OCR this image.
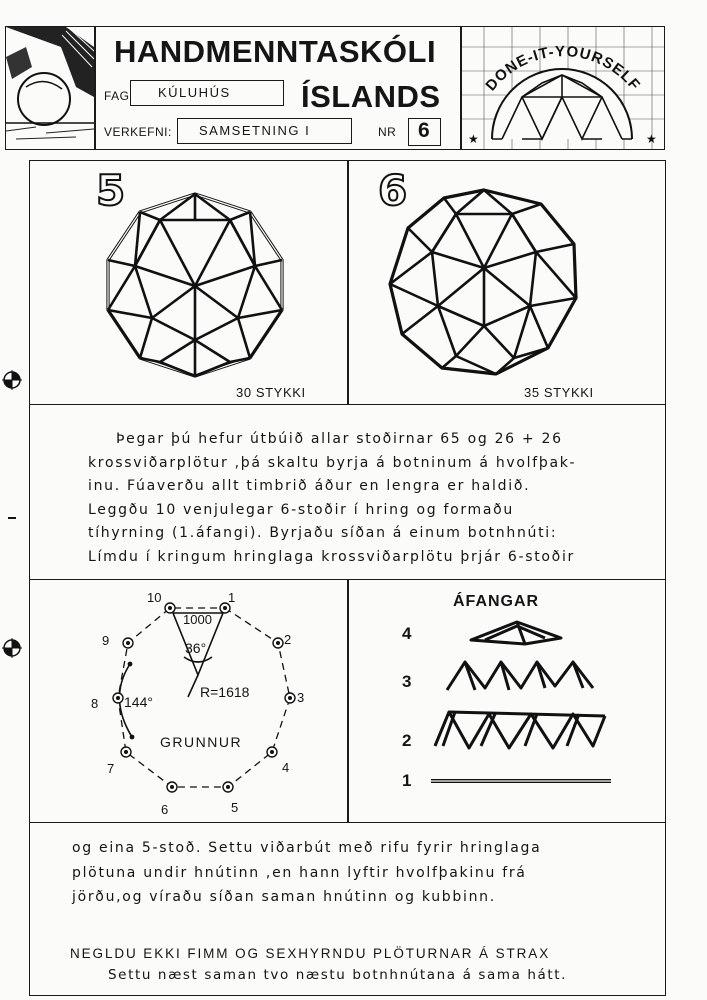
HANDMENNTASKÓLI
ÍSLANDS
FAG KÚLUHÚS
VERKEFNI: SAMSETNING I	NR 6
DONE-IT-YOURSELF
★	★
5	6
30 STYKKI	35 STYKKI
Þegar þú hefur útbúið allar stoðirnar 65 og 26 + 26
krossviðarplötur ,þá skaltu byrja á botninum á hvolfþak-
inu. Fúaverðu allt timbrið áður en lengra er haldið.
Leggðu 10 venjulegar 6-stoðir í hring og formaðu
tíhyrning (1.áfangi). Byrjaðu síðan á einum botnhnúti:
Límdu í kringum hringlaga krossviðarplötu þrjár 6-stoðir
10	1
2
3
4
5
6
7
8
9
1000
36°
144°
R=1618
GRUNNUR
ÁFANGAR
4
3
2
1
og eina 5-stoð. Settu viðarbút með rifu fyrir hringlaga
plötuna undir hnútinn ,en hann lyftir hvolfþakinu frá
jörðu,og víraðu síðan saman hnútinn og kubbinn.
NEGLDU EKKI FIMM OG SEXHYRNDU PLÖTURNAR Á STRAX
Settu næst saman tvo næstu botnhnútana á sama hátt.
